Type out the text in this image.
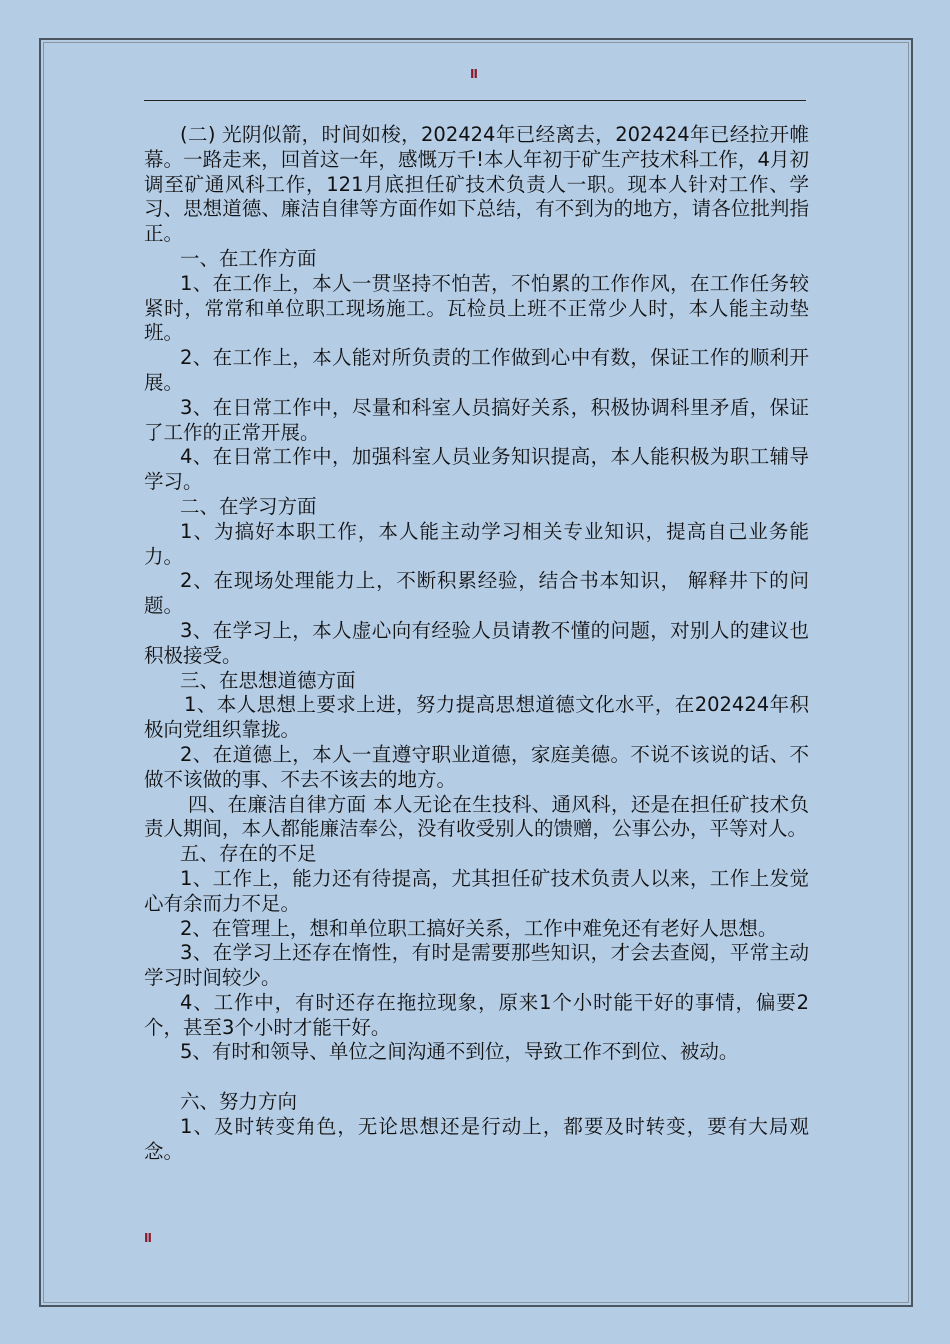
II

(二) 光阴似箭，时间如梭，202424年已经离去，202424年已经拉开帷幕。一路走来，回首这一年，感慨万千!本人年初于矿生产技术科工作，4月初调至矿通风科工作，121月底担任矿技术负责人一职。现本人针对工作、学习、思想道德、廉洁自律等方面作如下总结，有不到为的地方，请各位批判指正。

一、在工作方面

1、在工作上，本人一贯坚持不怕苦，不怕累的工作作风，在工作任务较紧时，常常和单位职工现场施工。瓦检员上班不正常少人时，本人能主动垫班。

2、在工作上，本人能对所负责的工作做到心中有数，保证工作的顺利开展。

3、在日常工作中，尽量和科室人员搞好关系，积极协调科里矛盾，保证了工作的正常开展。

4、在日常工作中，加强科室人员业务知识提高，本人能积极为职工辅导学习。

二、在学习方面

1、为搞好本职工作，本人能主动学习相关专业知识，提高自己业务能力。

2、在现场处理能力上，不断积累经验，结合书本知识， 解释井下的问题。

3、在学习上，本人虚心向有经验人员请教不懂的问题，对别人的建议也积极接受。

三、在思想道德方面

1、本人思想上要求上进，努力提高思想道德文化水平，在202424年积极向党组织靠拢。

2、在道德上，本人一直遵守职业道德，家庭美德。不说不该说的话、不做不该做的事、不去不该去的地方。

四、在廉洁自律方面 本人无论在生技科、通风科，还是在担任矿技术负责人期间，本人都能廉洁奉公，没有收受别人的馈赠，公事公办，平等对人。

五、存在的不足

1、工作上，能力还有待提高，尤其担任矿技术负责人以来，工作上发觉心有余而力不足。

2、在管理上，想和单位职工搞好关系，工作中难免还有老好人思想。

3、在学习上还存在惰性，有时是需要那些知识，才会去查阅，平常主动学习时间较少。

4、工作中，有时还存在拖拉现象，原来1个小时能干好的事情，偏要2个，甚至3个小时才能干好。

5、有时和领导、单位之间沟通不到位，导致工作不到位、被动。

六、努力方向

1、及时转变角色，无论思想还是行动上，都要及时转变，要有大局观念。

II
